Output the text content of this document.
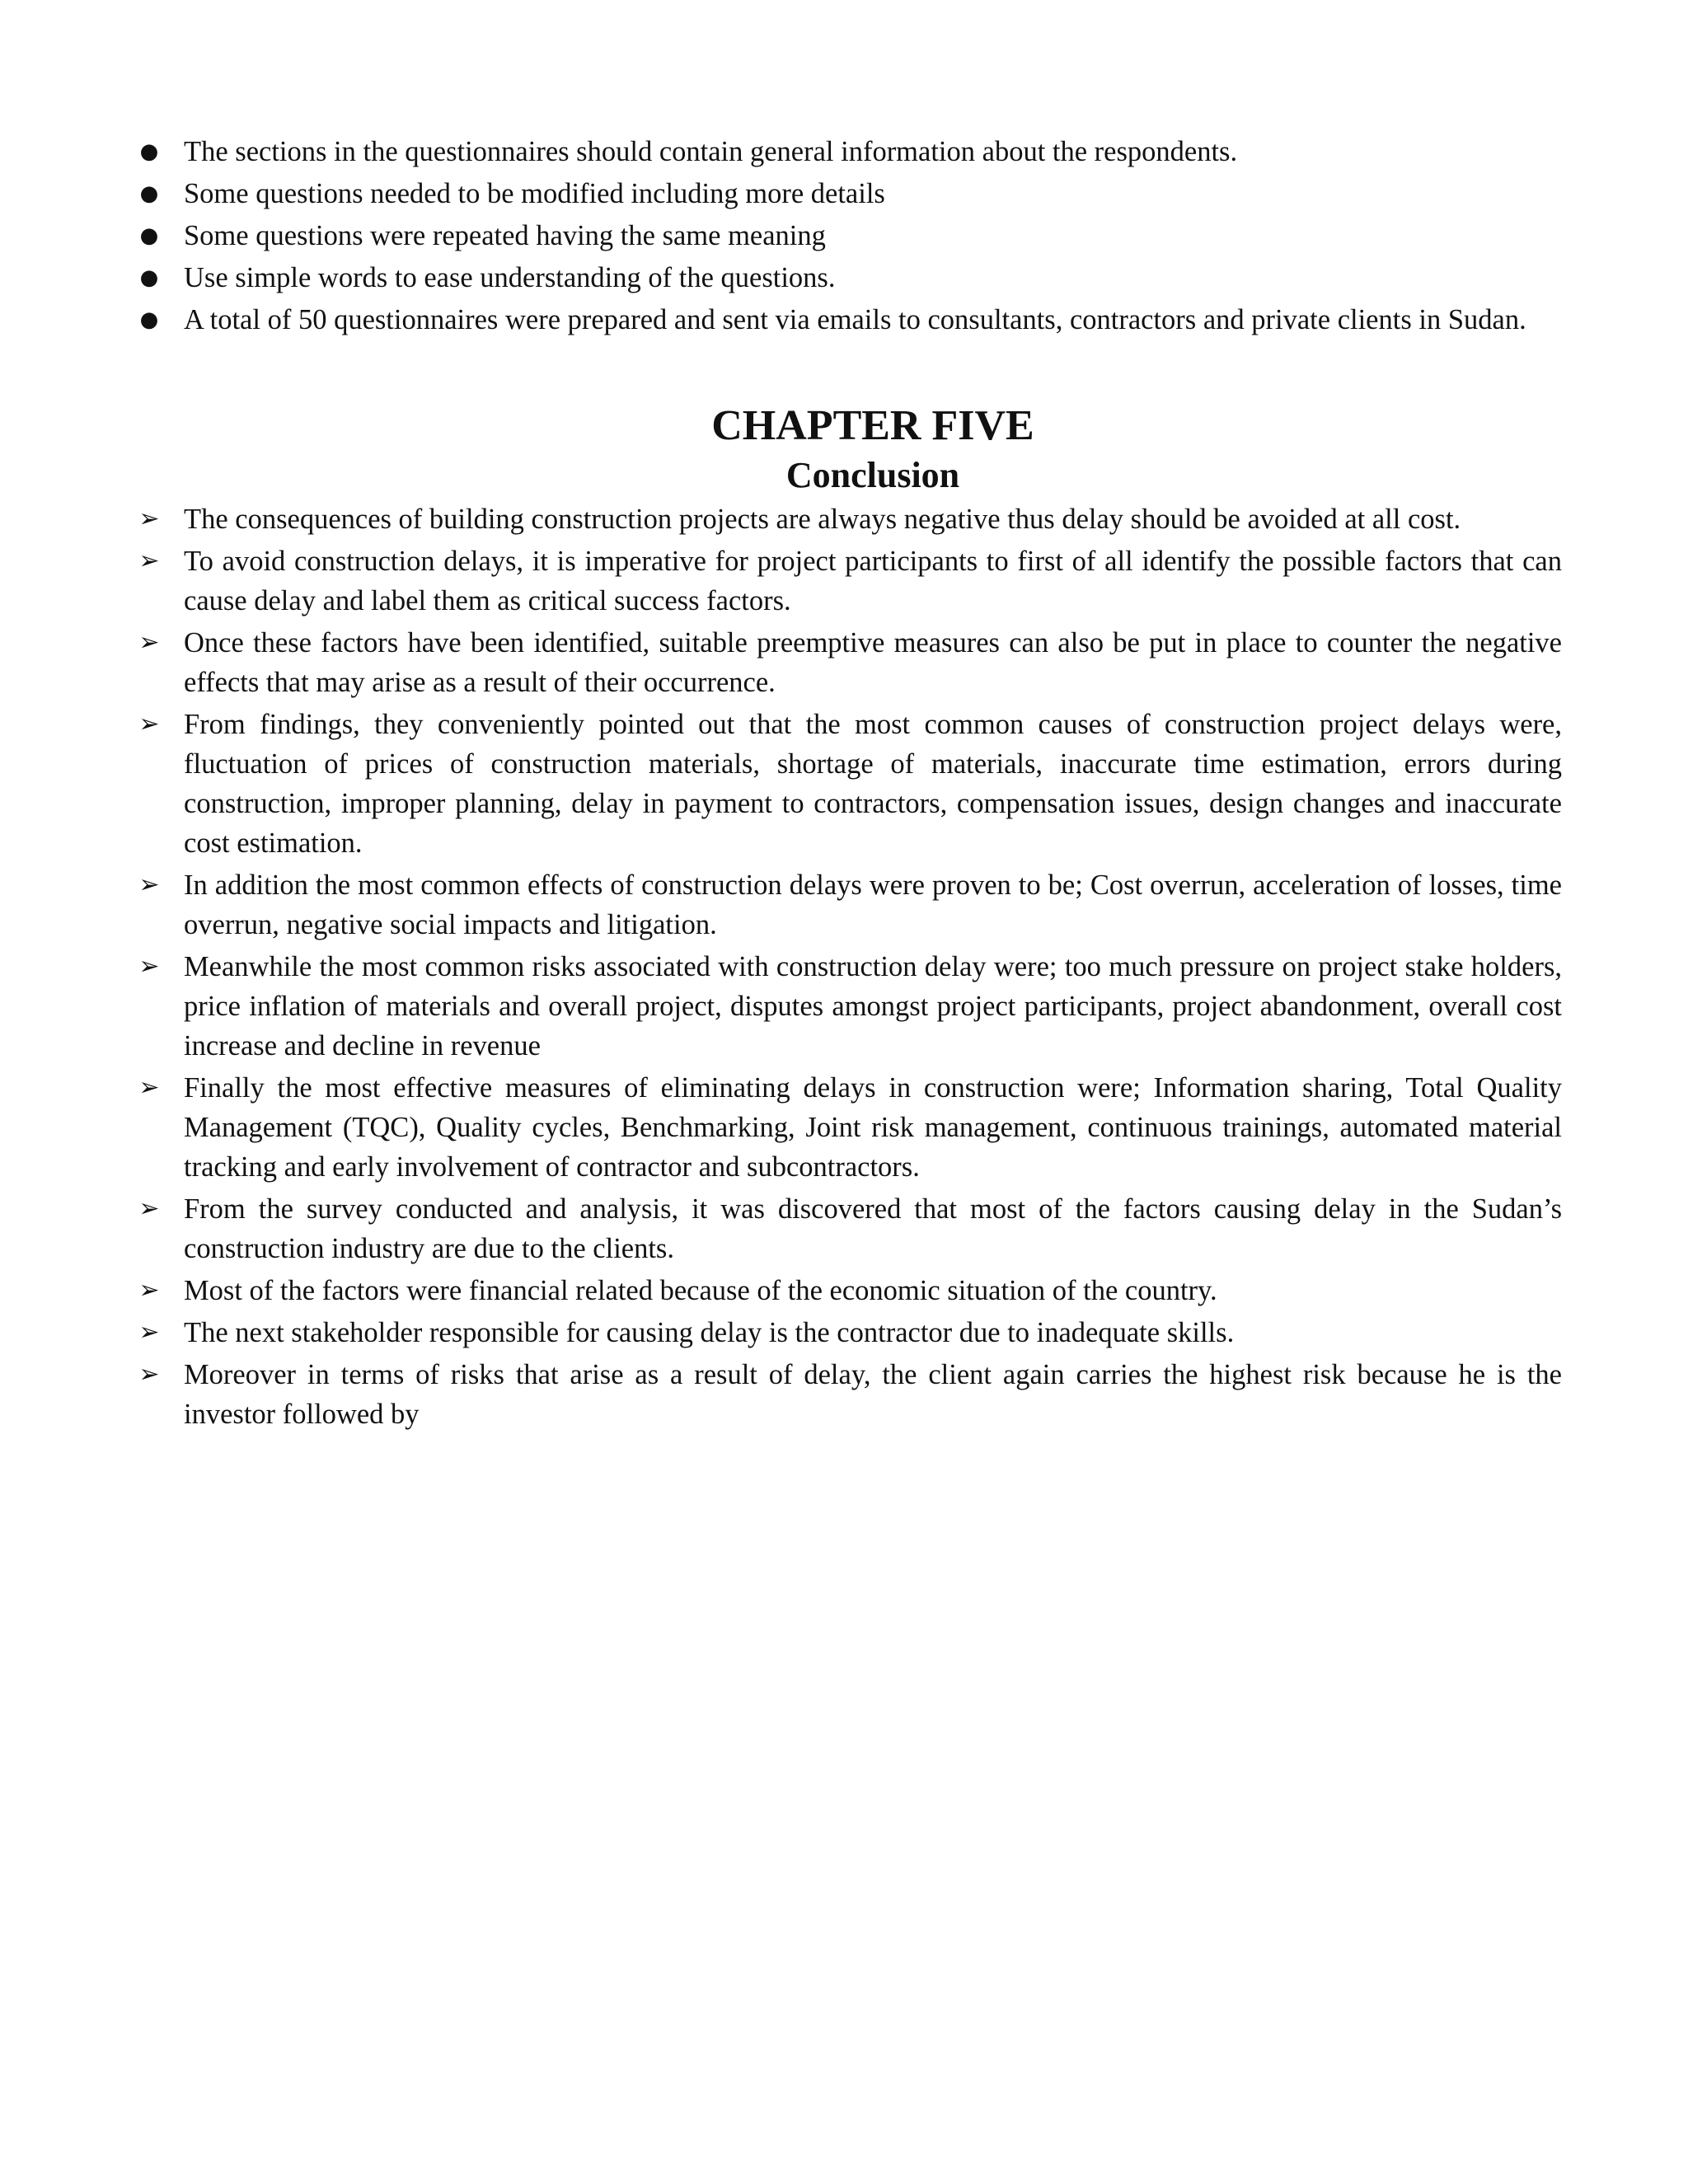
● The sections in the questionnaires should contain general information about the respondents.
● Some questions needed to be modified including more details
● Some questions were repeated having the same meaning
● Use simple words to ease understanding of the questions.
● A total of 50 questionnaires were prepared and sent via emails to consultants, contractors and private clients in Sudan.
CHAPTER FIVE
Conclusion
➢ The consequences of building construction projects are always negative thus delay should be avoided at all cost.
➢ To avoid construction delays, it is imperative for project participants to first of all identify the possible factors that can cause delay and label them as critical success factors.
➢ Once these factors have been identified, suitable preemptive measures can also be put in place to counter the negative effects that may arise as a result of their occurrence.
➢ From findings, they conveniently pointed out that the most common causes of construction project delays were, fluctuation of prices of construction materials, shortage of materials, inaccurate time estimation, errors during construction, improper planning, delay in payment to contractors, compensation issues, design changes and inaccurate cost estimation.
➢ In addition the most common effects of construction delays were proven to be; Cost overrun, acceleration of losses, time overrun, negative social impacts and litigation.
➢ Meanwhile the most common risks associated with construction delay were; too much pressure on project stake holders, price inflation of materials and overall project, disputes amongst project participants, project abandonment, overall cost increase and decline in revenue
➢ Finally the most effective measures of eliminating delays in construction were; Information sharing, Total Quality Management (TQC), Quality cycles, Benchmarking, Joint risk management, continuous trainings, automated material tracking and early involvement of contractor and subcontractors.
➢ From the survey conducted and analysis, it was discovered that most of the factors causing delay in the Sudan’s construction industry are due to the clients.
➢ Most of the factors were financial related because of the economic situation of the country.
➢ The next stakeholder responsible for causing delay is the contractor due to inadequate skills.
➢ Moreover in terms of risks that arise as a result of delay, the client again carries the highest risk because he is the investor followed by
